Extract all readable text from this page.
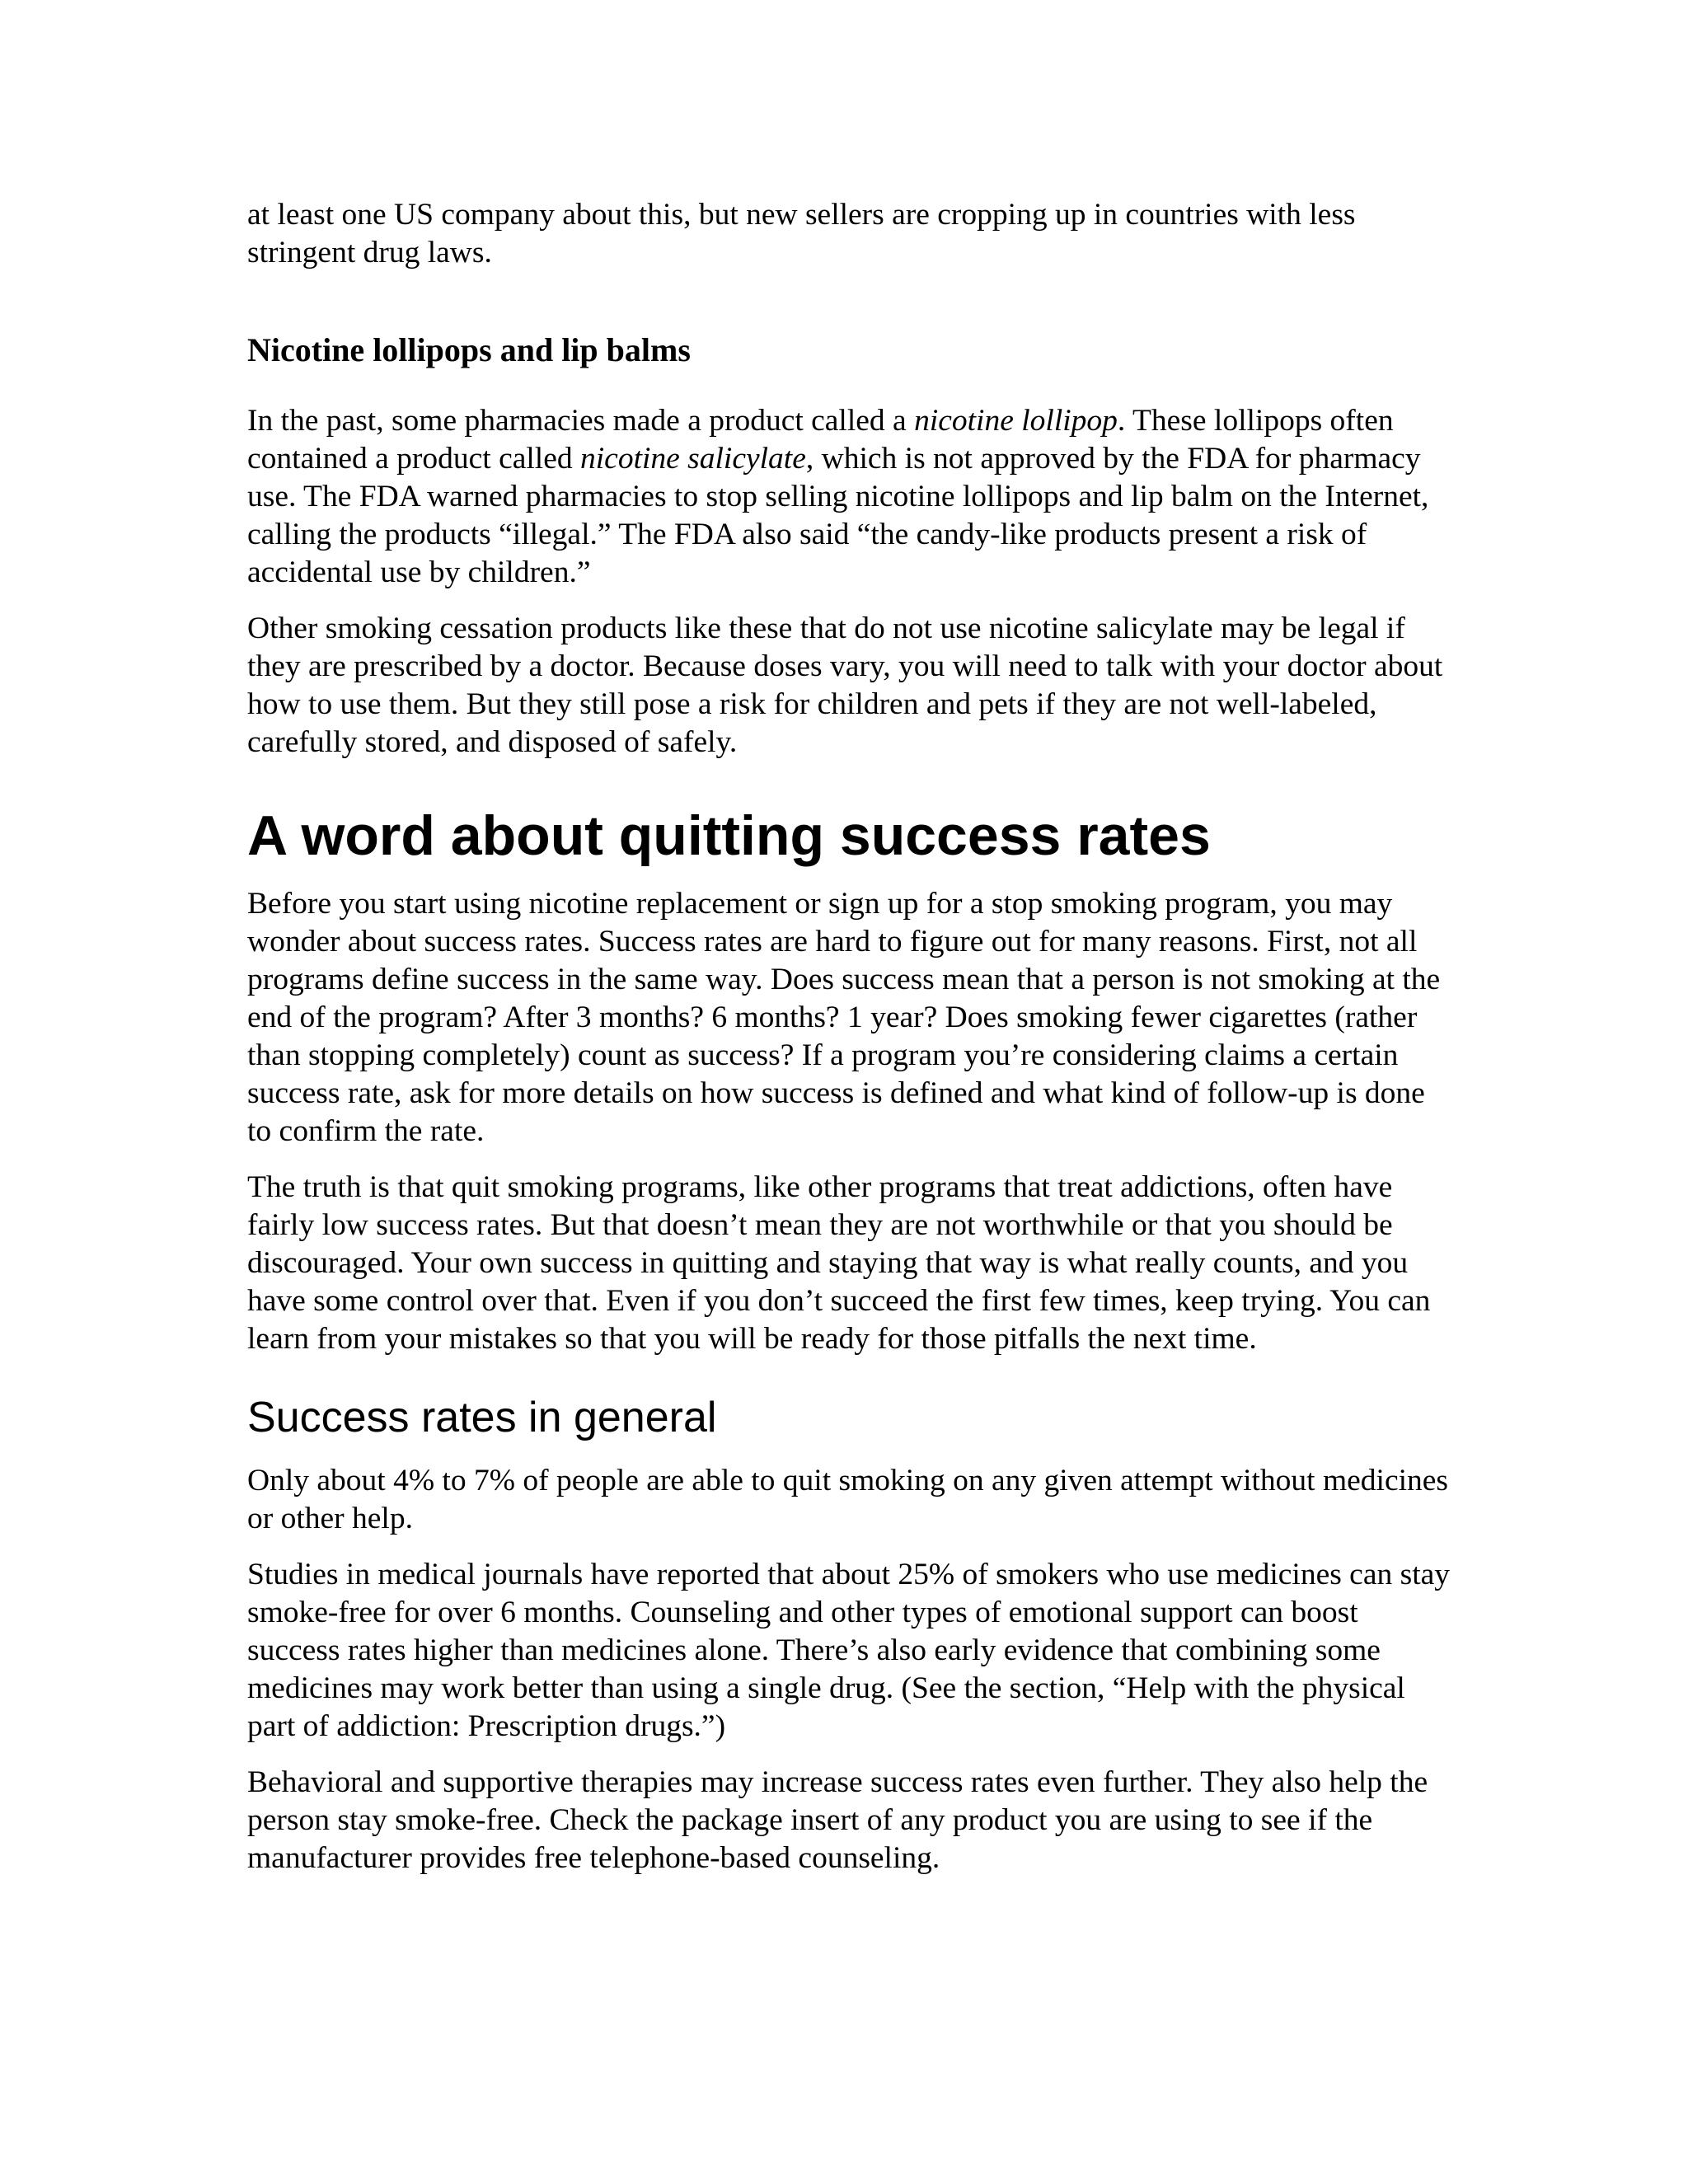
at least one US company about this, but new sellers are cropping up in countries with less stringent drug laws.

Nicotine lollipops and lip balms

In the past, some pharmacies made a product called a nicotine lollipop. These lollipops often contained a product called nicotine salicylate, which is not approved by the FDA for pharmacy use. The FDA warned pharmacies to stop selling nicotine lollipops and lip balm on the Internet, calling the products “illegal.” The FDA also said “the candy-like products present a risk of accidental use by children.”

Other smoking cessation products like these that do not use nicotine salicylate may be legal if they are prescribed by a doctor. Because doses vary, you will need to talk with your doctor about how to use them. But they still pose a risk for children and pets if they are not well-labeled, carefully stored, and disposed of safely.

A word about quitting success rates

Before you start using nicotine replacement or sign up for a stop smoking program, you may wonder about success rates. Success rates are hard to figure out for many reasons. First, not all programs define success in the same way. Does success mean that a person is not smoking at the end of the program? After 3 months? 6 months? 1 year? Does smoking fewer cigarettes (rather than stopping completely) count as success? If a program you’re considering claims a certain success rate, ask for more details on how success is defined and what kind of follow-up is done to confirm the rate.

The truth is that quit smoking programs, like other programs that treat addictions, often have fairly low success rates. But that doesn’t mean they are not worthwhile or that you should be discouraged. Your own success in quitting and staying that way is what really counts, and you have some control over that. Even if you don’t succeed the first few times, keep trying. You can learn from your mistakes so that you will be ready for those pitfalls the next time.

Success rates in general

Only about 4% to 7% of people are able to quit smoking on any given attempt without medicines or other help.

Studies in medical journals have reported that about 25% of smokers who use medicines can stay smoke-free for over 6 months. Counseling and other types of emotional support can boost success rates higher than medicines alone. There’s also early evidence that combining some medicines may work better than using a single drug. (See the section, “Help with the physical part of addiction: Prescription drugs.”)

Behavioral and supportive therapies may increase success rates even further. They also help the person stay smoke-free. Check the package insert of any product you are using to see if the manufacturer provides free telephone-based counseling.
